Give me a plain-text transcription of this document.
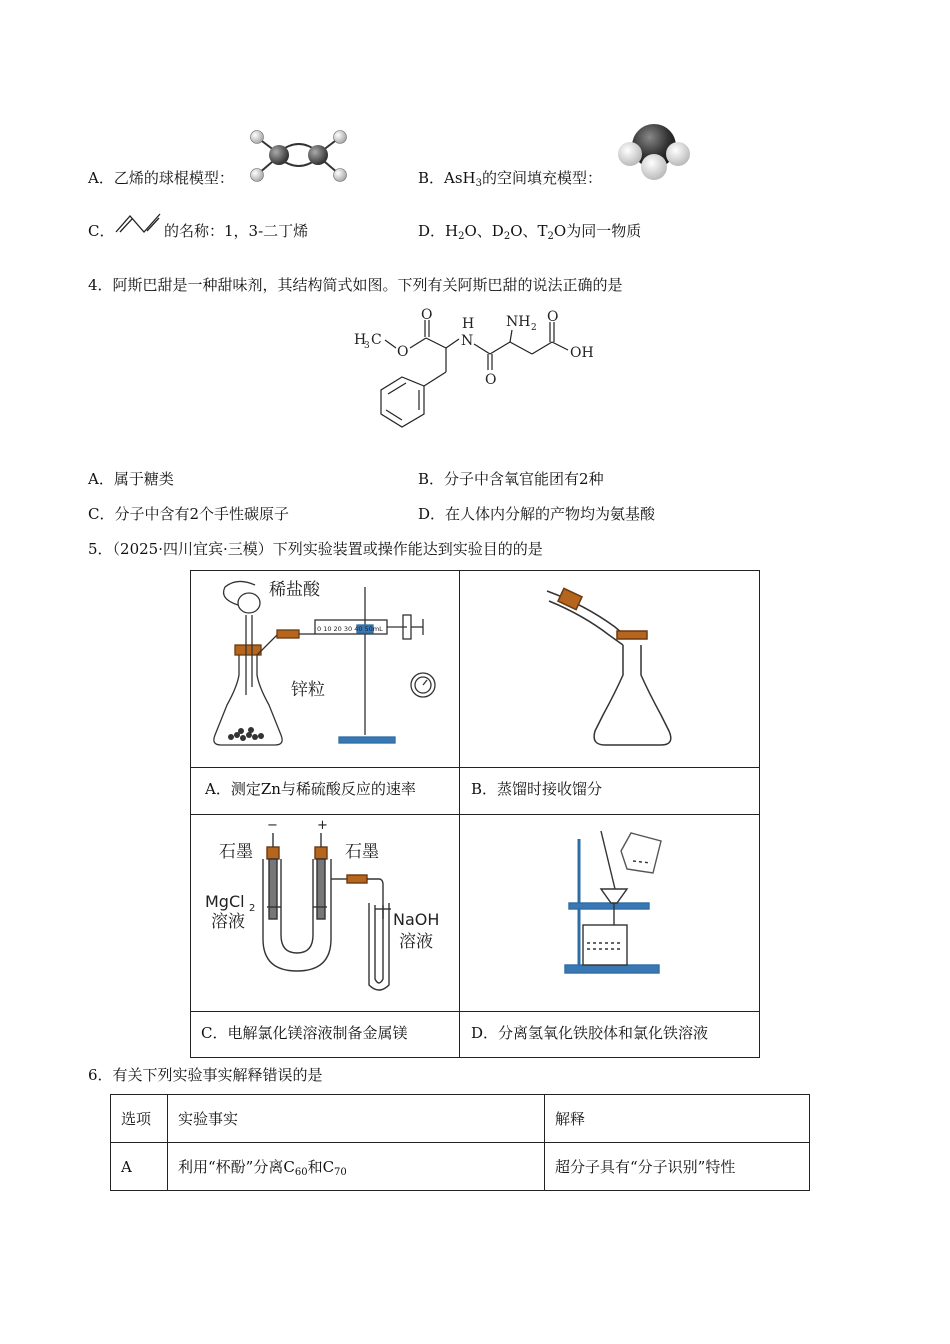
A．乙烯的球棍模型：	B．AsH$_3$的空间填充模型：
C．	的名称：1，3-二丁烯	D．$H_2O$、$D_2O$、$T_2O$为同一物质
4．阿斯巴甜是一种甜味剂，其结构简式如图。下列有关阿斯巴甜的说法正确的是
H
3 C
O
O
N
H NH 2
O
O
OH
A．属于糖类	B．分子中含氧官能团有2种
C．分子中含有2个手性碳原子	D．在人体内分解的产物均为氨基酸
5．（2025·四川宜宾·三模）下列实验装置或操作能达到实验目的的是
稀盐酸
锌粒
0 10 20 30 40 50mL
A．测定Zn与稀硫酸反应的速率	B．蒸馏时接收馏分
−	+
石墨	石墨
MgCl 2
溶液	NaOH
溶液
C．电解氯化镁溶液制备金属镁	D．分离氢氧化铁胶体和氯化铁溶液
6．有关下列实验事实解释错误的是
选项	实验事实	解释
A	利用“杯酚”分离$C_{60}$和$C_{70}$	超分子具有“分子识别”特性
